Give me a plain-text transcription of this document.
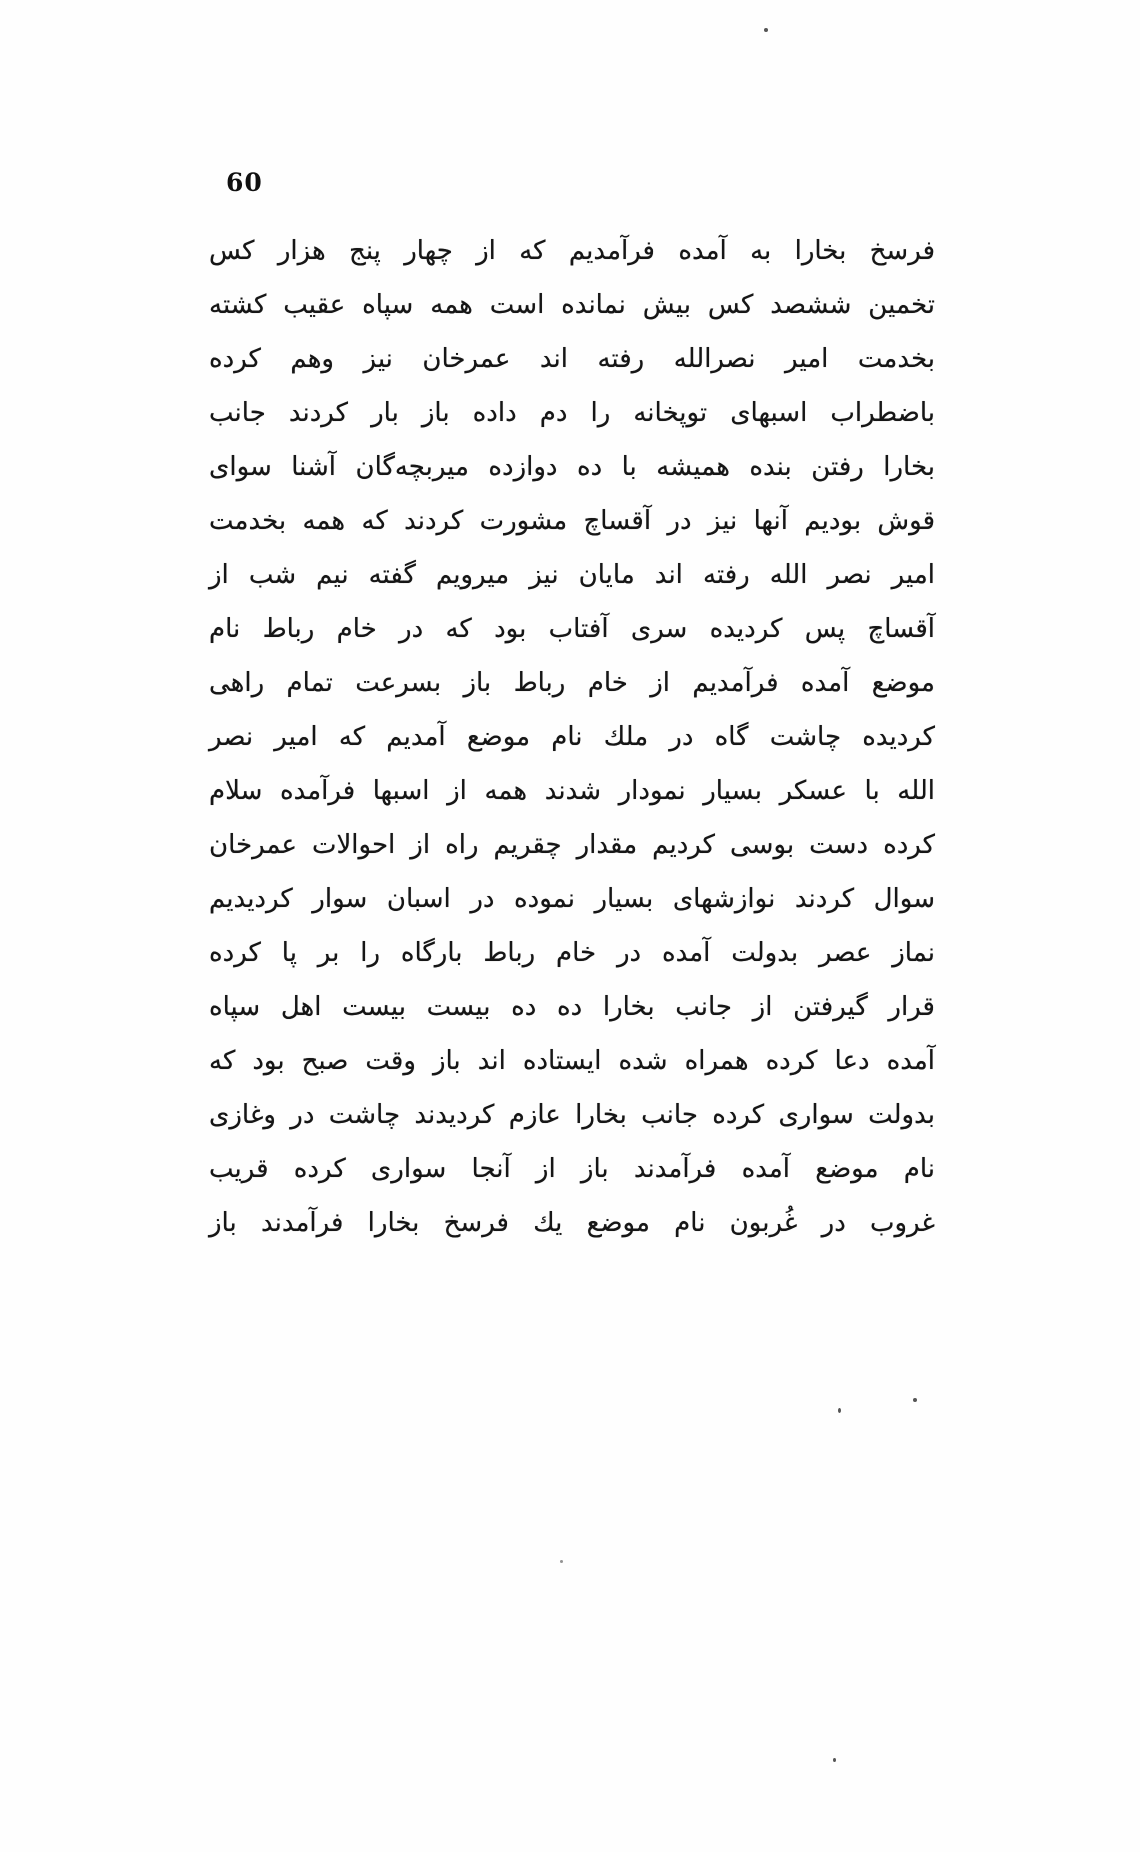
60

فرسخ بخارا به آمده فرآمدیم که از چهار پنج هزار کس

تخمین ششصد کس بیش نمانده است همه سپاه عقیب کشته

بخدمت امیر نصرالله رفته اند عمرخان نیز وهم کرده

باضطراب اسبهای توپخانه را دم داده باز بار کردند جانب

بخارا رفتن بنده همیشه با ده دوازده میربچه‌گان آشنا سوای

قوش بودیم آنها نیز در آقساچ مشورت کردند که همه بخدمت

امیر نصر الله رفته اند مایان نیز میرویم گفته نیم شب از

آقساچ پس کردیده سری آفتاب بود که در خام رباط نام

موضع آمده فرآمدیم از خام رباط باز بسرعت تمام راهی

کردیده چاشت گاه در ملك نام موضع آمدیم که امیر نصر

الله با عسکر بسیار نمودار شدند همه از اسبها فرآمده سلام

کرده دست بوسی کردیم مقدار چقریم راه از احوالات عمرخان

سوال کردند نوازشهای بسیار نموده در اسبان سوار کردیدیم

نماز عصر بدولت آمده در خام رباط بارگاه را بر پا کرده

قرار گیرفتن از جانب بخارا ده ده بیست بیست اهل سپاه

آمده دعا کرده همراه شده ایستاده اند باز وقت صبح بود که

بدولت سواری کرده جانب بخارا عازم کردیدند چاشت در وغازی

نام موضع آمده فرآمدند باز از آنجا سواری کرده قریب

غروب در غُربون نام موضع یك فرسخ بخارا فرآمدند باز
